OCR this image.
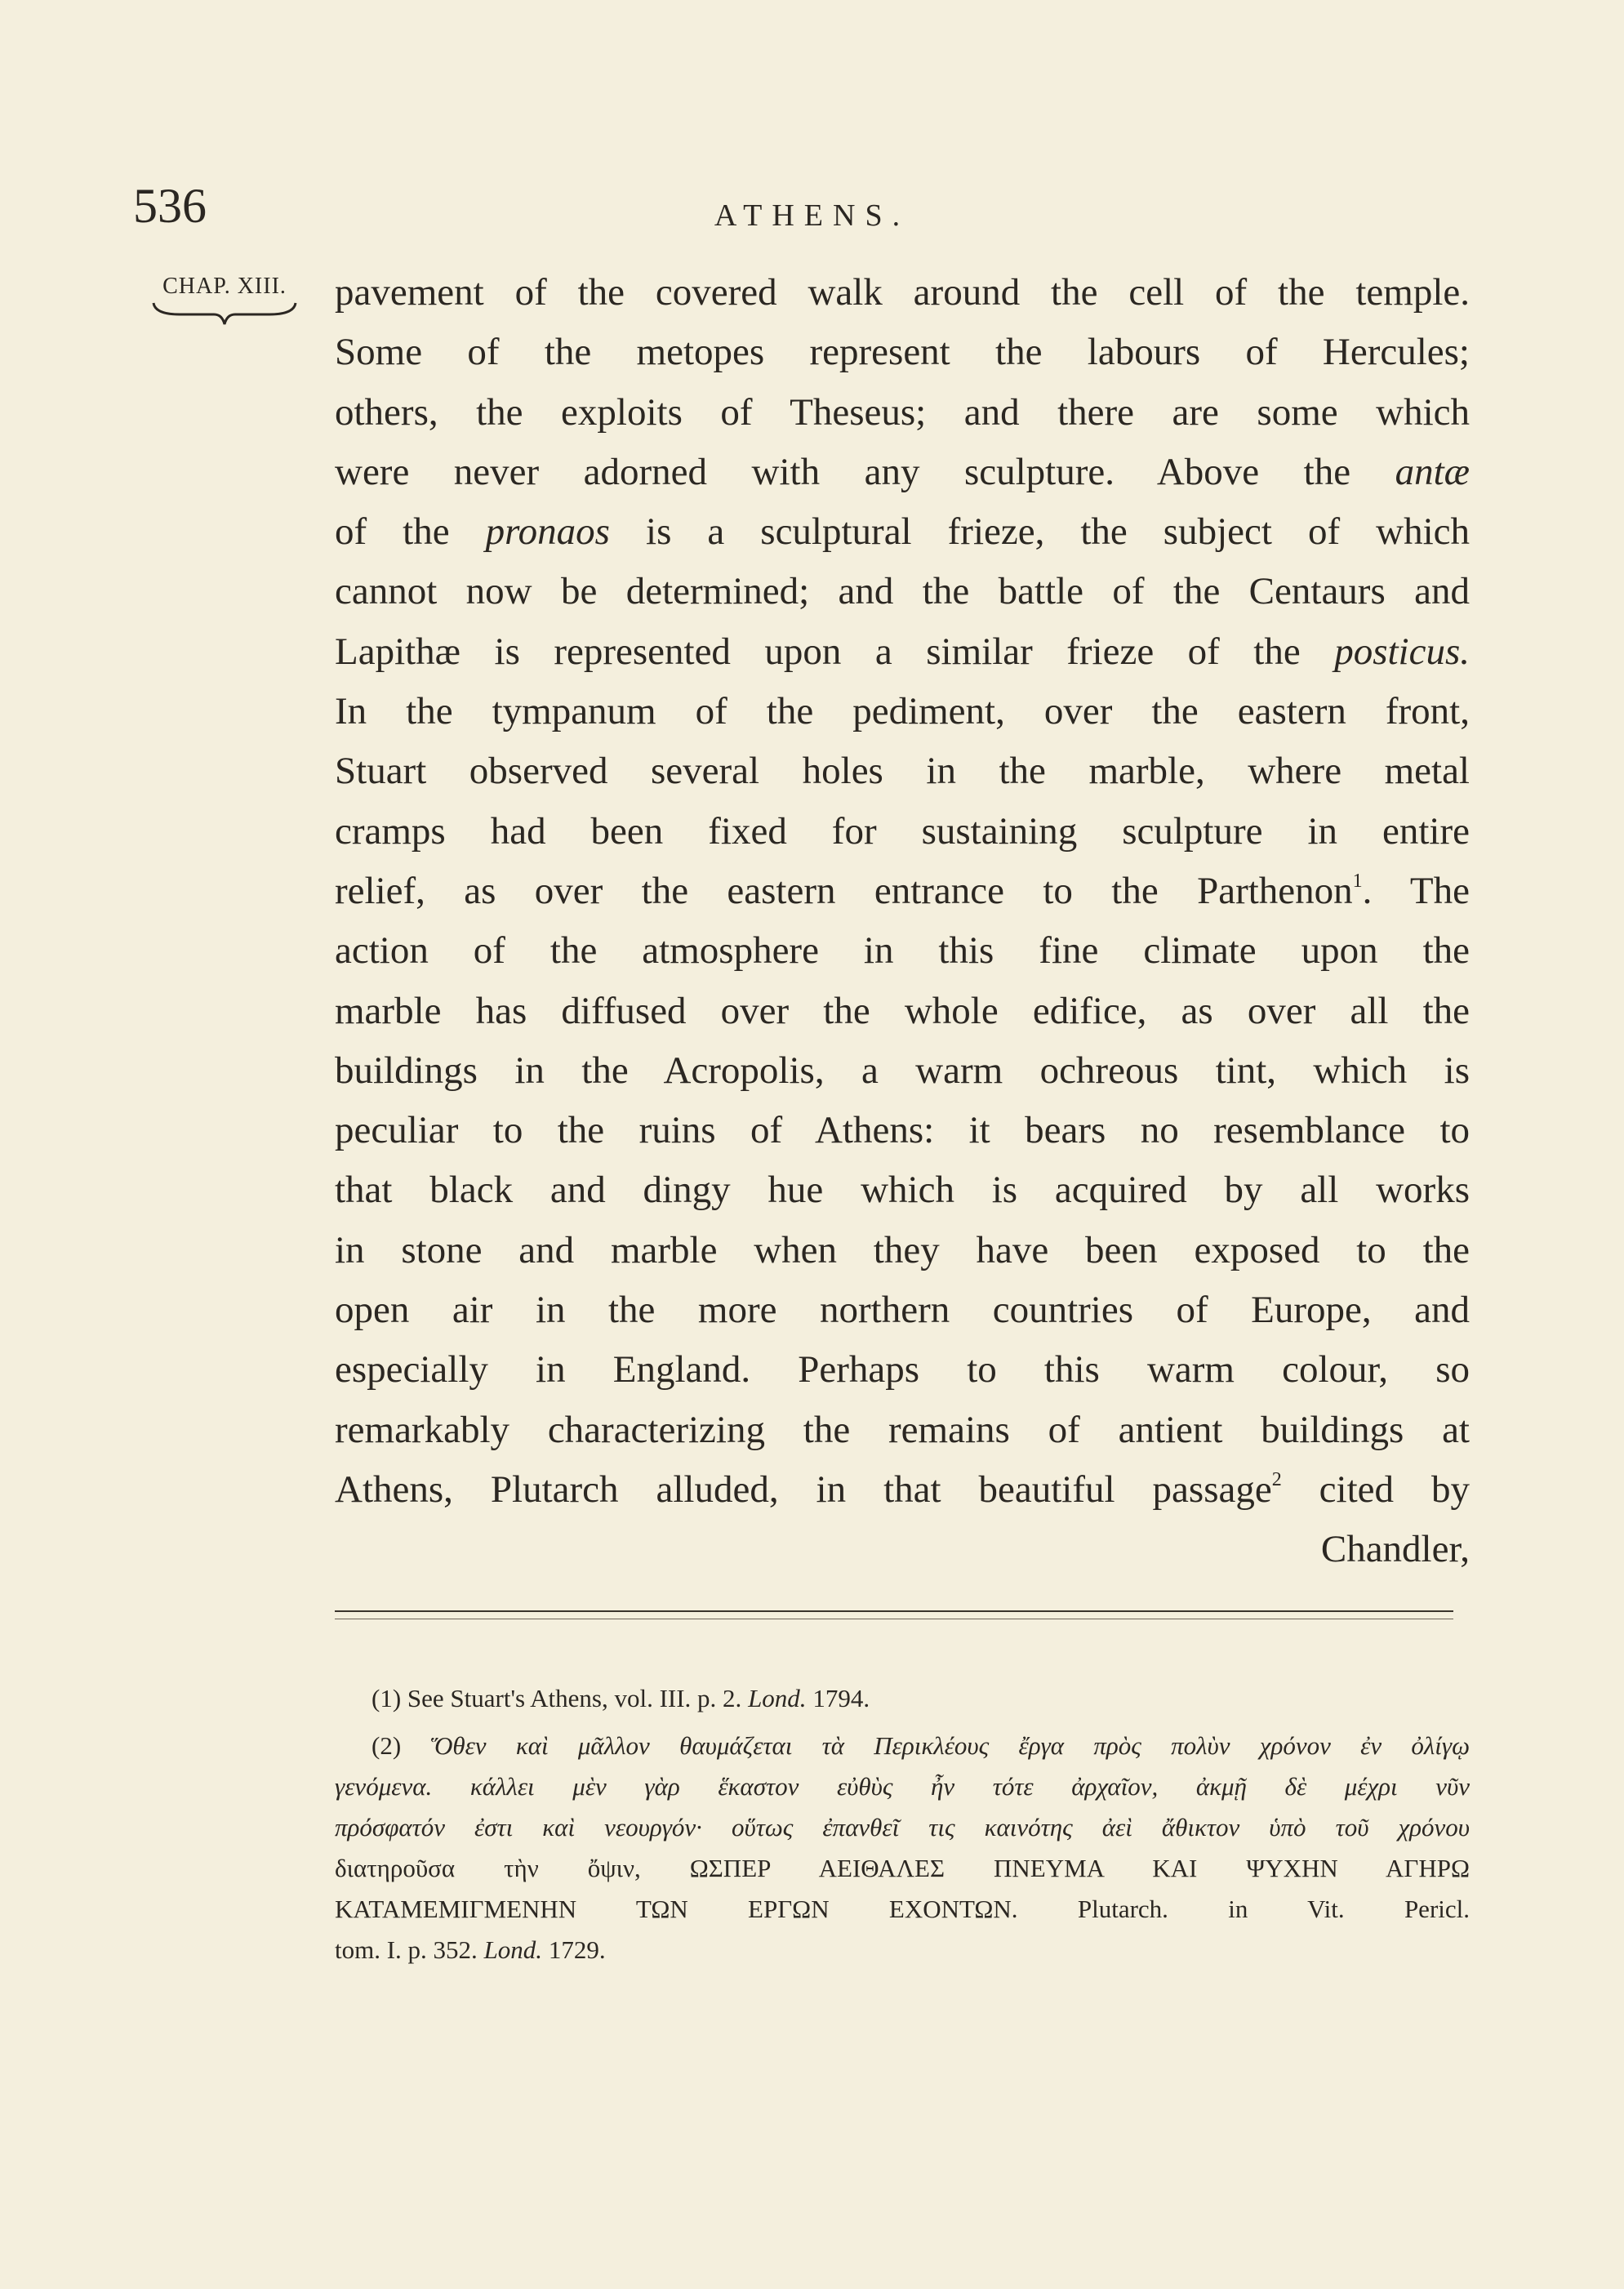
536	ATHENS.
CHAP. XIII.	pavement of the covered walk around the cell of the temple.
Some of the metopes represent the labours of Hercules;
others, the exploits of Theseus; and there are some which
were never adorned with any sculpture. Above the antæ
of the pronaos is a sculptural frieze, the subject of which
cannot now be determined; and the battle of the Centaurs and
Lapithæ is represented upon a similar frieze of the posticus.
In the tympanum of the pediment, over the eastern front,
Stuart observed several holes in the marble, where metal
cramps had been fixed for sustaining sculpture in entire
relief, as over the eastern entrance to the Parthenon$^1$. The
action of the atmosphere in this fine climate upon the
marble has diffused over the whole edifice, as over all the
buildings in the Acropolis, a warm ochreous tint, which is
peculiar to the ruins of Athens: it bears no resemblance to
that black and dingy hue which is acquired by all works
in stone and marble when they have been exposed to the
open air in the more northern countries of Europe, and
especially in England. Perhaps to this warm colour, so
remarkably characterizing the remains of antient buildings at
Athens, Plutarch alluded, in that beautiful passage$^2$ cited by
Chandler,
(1) See Stuart's Athens, vol. III. p. 2. Lond. 1794.
(2) Ὅθεν καὶ μᾶλλον θαυμάζεται τὰ Περικλέους ἔργα πρὸς πολὺν χρόνον ἐν ὀλίγῳ
γενόμενα. κάλλει μὲν γὰρ ἕκαστον εὐθὺς ἦν τότε ἀρχαῖον, ἀκμῇ δὲ μέχρι νῦν
πρόσφατόν ἐστι καὶ νεουργόν· οὕτως ἐπανθεῖ τις καινότης ἀεὶ ἄθικτον ὑπὸ τοῦ χρόνου
διατηροῦσα τὴν ὄψιν, ΩΣΠΕΡ ΑΕΙΘΑΛΕΣ ΠΝΕΥΜΑ ΚΑΙ ΨΥΧΗΝ ΑΓΗΡΩ
ΚΑΤΑΜΕΜΙΓΜΕΝΗΝ ΤΩΝ ΕΡΓΩΝ ΕΧΟΝΤΩΝ. Plutarch. in Vit. Pericl.
tom. I. p. 352. Lond. 1729.
